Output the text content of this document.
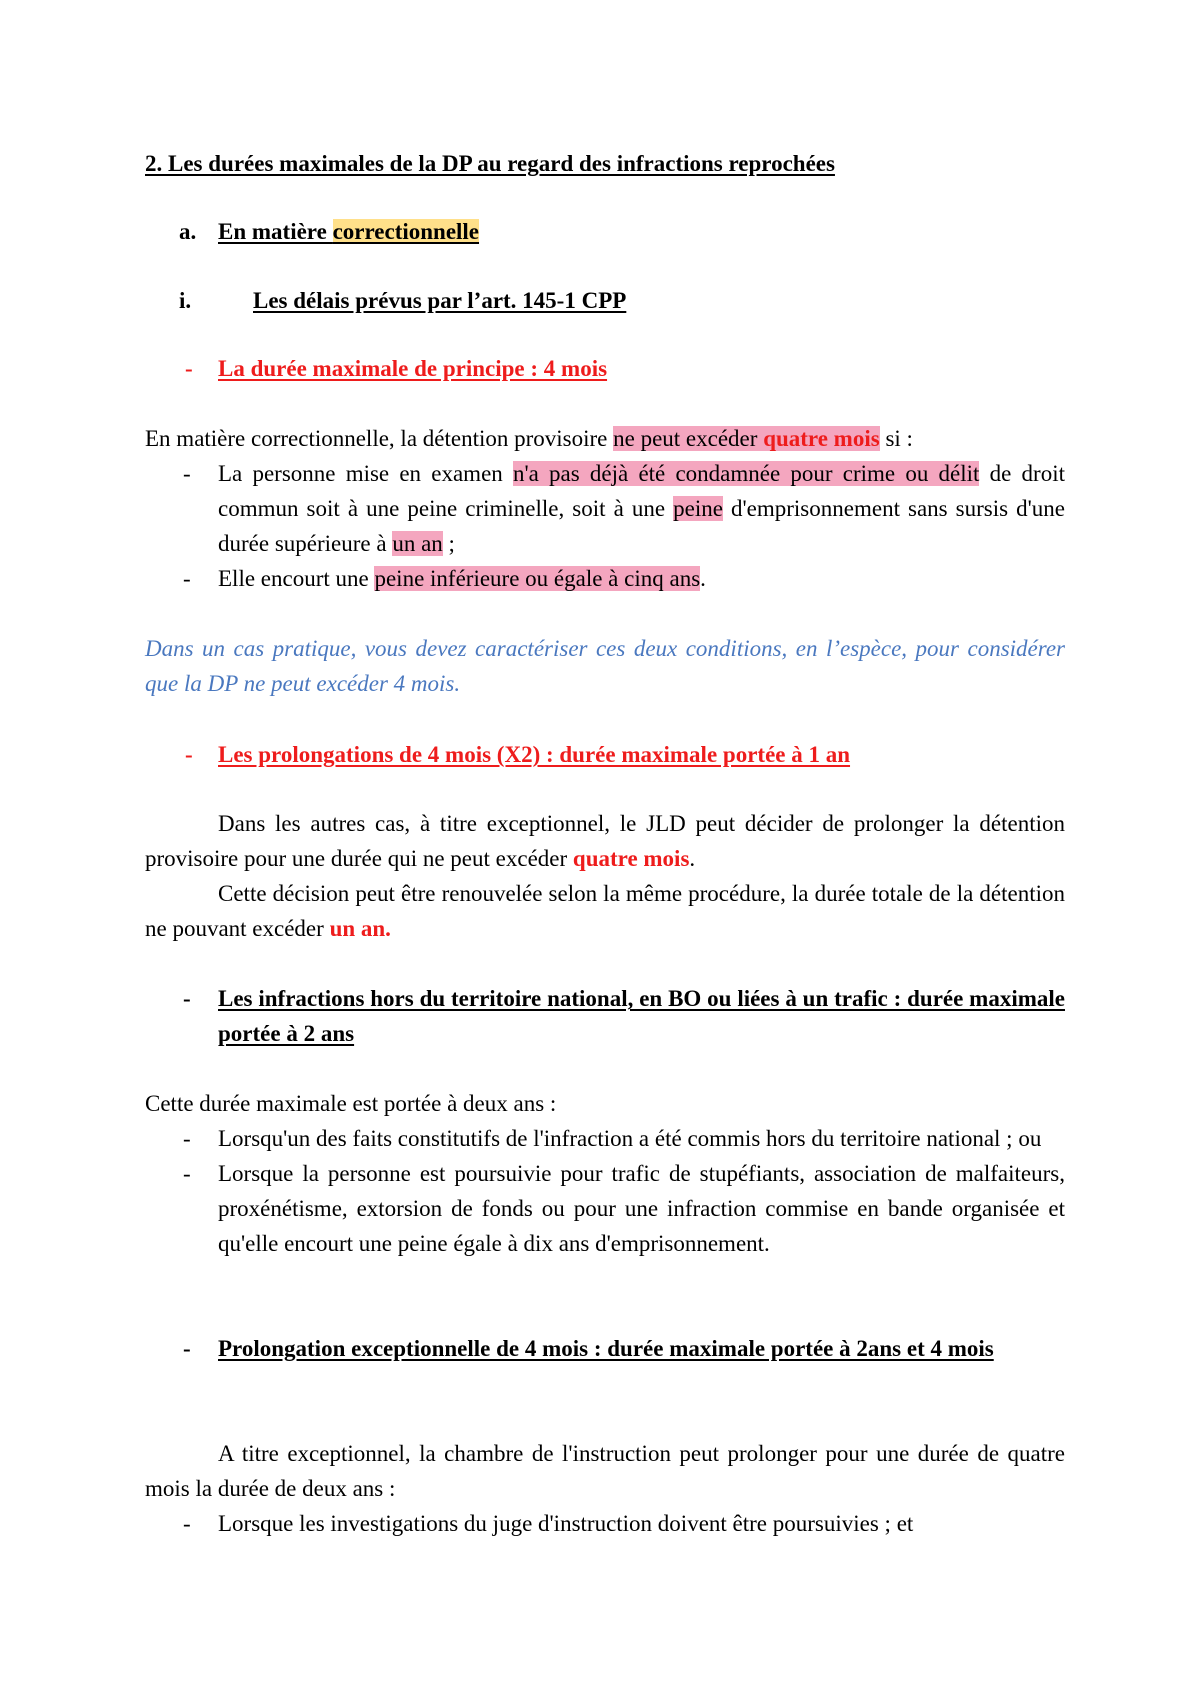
2. Les durées maximales de la DP au regard des infractions reprochées
a. En matière correctionnelle
i.	Les délais prévus par l’art. 145-1 CPP
- La durée maximale de principe : 4 mois
En matière correctionnelle, la détention provisoire ne peut excéder quatre mois si :
- La personne mise en examen n'a pas déjà été condamnée pour crime ou délit de droit commun soit à une peine criminelle, soit à une peine d'emprisonnement sans sursis d'une durée supérieure à un an ;
- Elle encourt une peine inférieure ou égale à cinq ans.
Dans un cas pratique, vous devez caractériser ces deux conditions, en l’espèce, pour considérer que la DP ne peut excéder 4 mois.
- Les prolongations de 4 mois (X2) : durée maximale portée à 1 an
Dans les autres cas, à titre exceptionnel, le JLD peut décider de prolonger la détention provisoire pour une durée qui ne peut excéder quatre mois.
Cette décision peut être renouvelée selon la même procédure, la durée totale de la détention ne pouvant excéder un an.
- Les infractions hors du territoire national, en BO ou liées à un trafic : durée maximale portée à 2 ans
Cette durée maximale est portée à deux ans :
- Lorsqu'un des faits constitutifs de l'infraction a été commis hors du territoire national ; ou
- Lorsque la personne est poursuivie pour trafic de stupéfiants, association de malfaiteurs, proxénétisme, extorsion de fonds ou pour une infraction commise en bande organisée et qu'elle encourt une peine égale à dix ans d'emprisonnement.
- Prolongation exceptionnelle de 4 mois : durée maximale portée à 2ans et 4 mois
A titre exceptionnel, la chambre de l'instruction peut prolonger pour une durée de quatre mois la durée de deux ans :
- Lorsque les investigations du juge d'instruction doivent être poursuivies ; et
